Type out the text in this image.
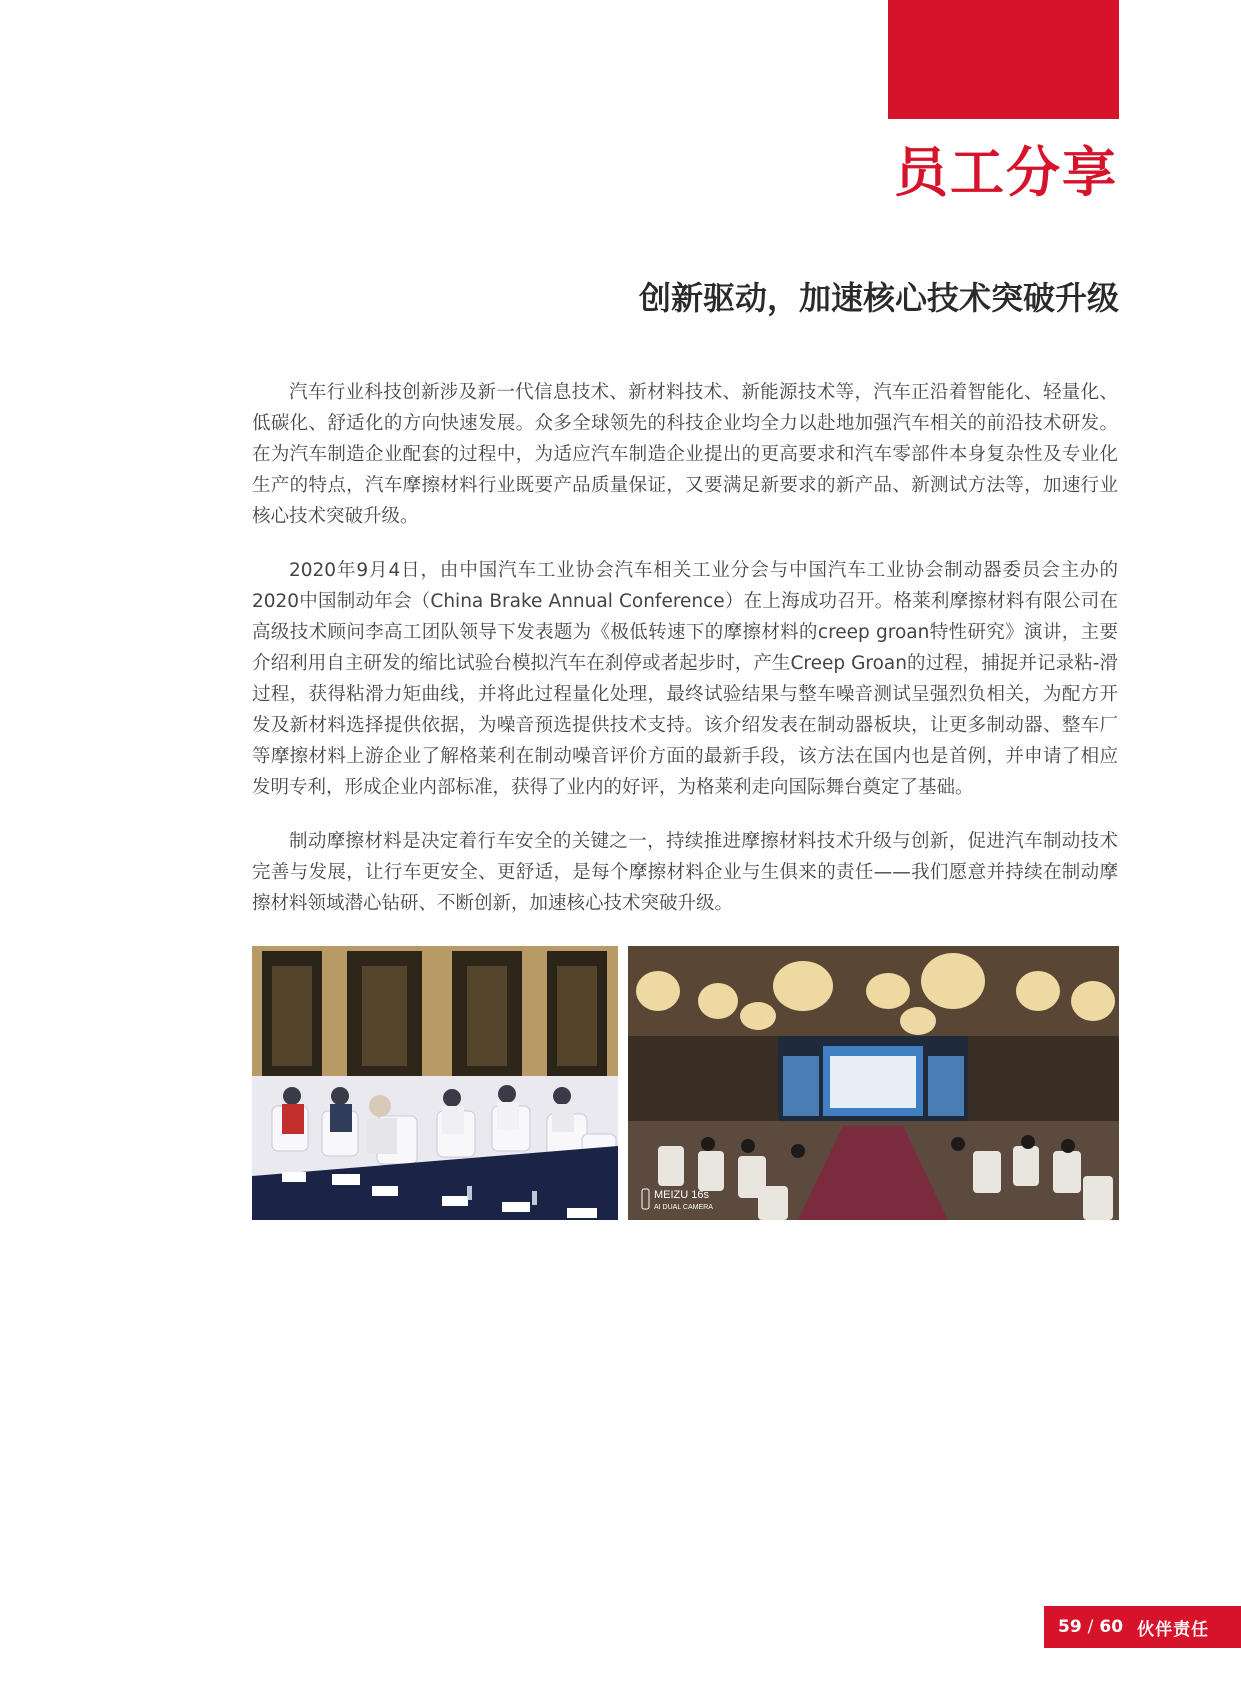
员工分享
创新驱动，加速核心技术突破升级

汽车行业科技创新涉及新一代信息技术、新材料技术、新能源技术等，汽车正沿着智能化、轻量化、低碳化、舒适化的方向快速发展。众多全球领先的科技企业均全力以赴地加强汽车相关的前沿技术研发。在为汽车制造企业配套的过程中，为适应汽车制造企业提出的更高要求和汽车零部件本身复杂性及专业化生产的特点，汽车摩擦材料行业既要产品质量保证，又要满足新要求的新产品、新测试方法等，加速行业核心技术突破升级。

2020年9月4日，由中国汽车工业协会汽车相关工业分会与中国汽车工业协会制动器委员会主办的2020中国制动年会（China Brake Annual Conference）在上海成功召开。格莱利摩擦材料有限公司在高级技术顾问李高工团队领导下发表题为《极低转速下的摩擦材料的creep groan特性研究》演讲，主要介绍利用自主研发的缩比试验台模拟汽车在刹停或者起步时，产生Creep Groan的过程，捕捉并记录粘-滑过程，获得粘滑力矩曲线，并将此过程量化处理，最终试验结果与整车噪音测试呈强烈负相关，为配方开发及新材料选择提供依据，为噪音预选提供技术支持。该介绍发表在制动器板块，让更多制动器、整车厂等摩擦材料上游企业了解格莱利在制动噪音评价方面的最新手段，该方法在国内也是首例，并申请了相应发明专利，形成企业内部标准，获得了业内的好评，为格莱利走向国际舞台奠定了基础。

制动摩擦材料是决定着行车安全的关键之一，持续推进摩擦材料技术升级与创新，促进汽车制动技术完善与发展，让行车更安全、更舒适，是每个摩擦材料企业与生俱来的责任——我们愿意并持续在制动摩擦材料领域潜心钻研、不断创新，加速核心技术突破升级。

MEIZU 16s
AI DUAL CAMERA
59 / 60 伙伴责任
